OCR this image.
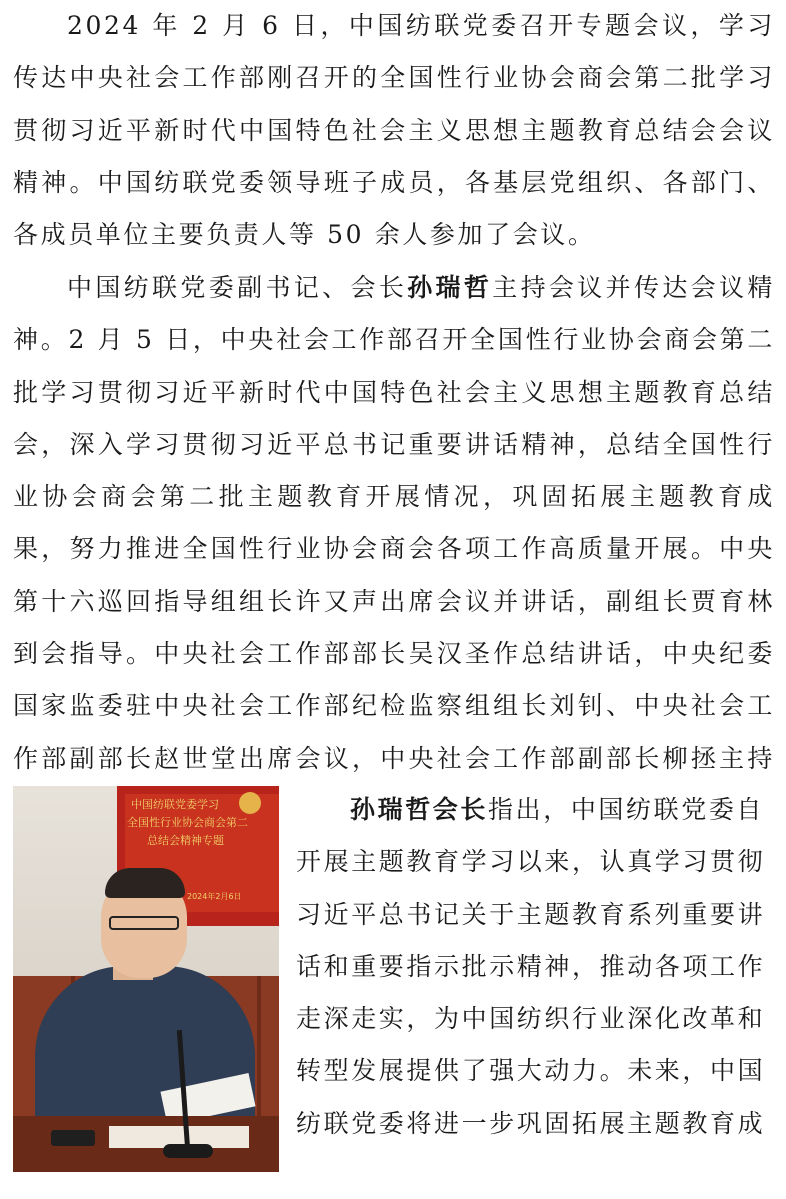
2024 年 2 月 6 日，中国纺联党委召开专题会议，学习传达中央社会工作部刚召开的全国性行业协会商会第二批学习贯彻习近平新时代中国特色社会主义思想主题教育总结会会议精神。中国纺联党委领导班子成员，各基层党组织、各部门、各成员单位主要负责人等 50 余人参加了会议。

中国纺联党委副书记、会长孙瑞哲主持会议并传达会议精神。2 月 5 日，中央社会工作部召开全国性行业协会商会第二批学习贯彻习近平新时代中国特色社会主义思想主题教育总结会，深入学习贯彻习近平总书记重要讲话精神，总结全国性行业协会商会第二批主题教育开展情况，巩固拓展主题教育成果，努力推进全国性行业协会商会各项工作高质量开展。中央第十六巡回指导组组长许又声出席会议并讲话，副组长贾育林到会指导。中央社会工作部部长吴汉圣作总结讲话，中央纪委国家监委驻中央社会工作部纪检监察组组长刘钊、中央社会工作部副部长赵世堂出席会议，中央社会工作部副部长柳拯主持

中国纺联党委学习
全国性行业协会商会第二
总结会精神专题
2024年2月6日

孙瑞哲会长指出，中国纺联党委自开展主题教育学习以来，认真学习贯彻习近平总书记关于主题教育系列重要讲话和重要指示批示精神，推动各项工作走深走实，为中国纺织行业深化改革和转型发展提供了强大动力。未来，中国纺联党委将进一步巩固拓展主题教育成
